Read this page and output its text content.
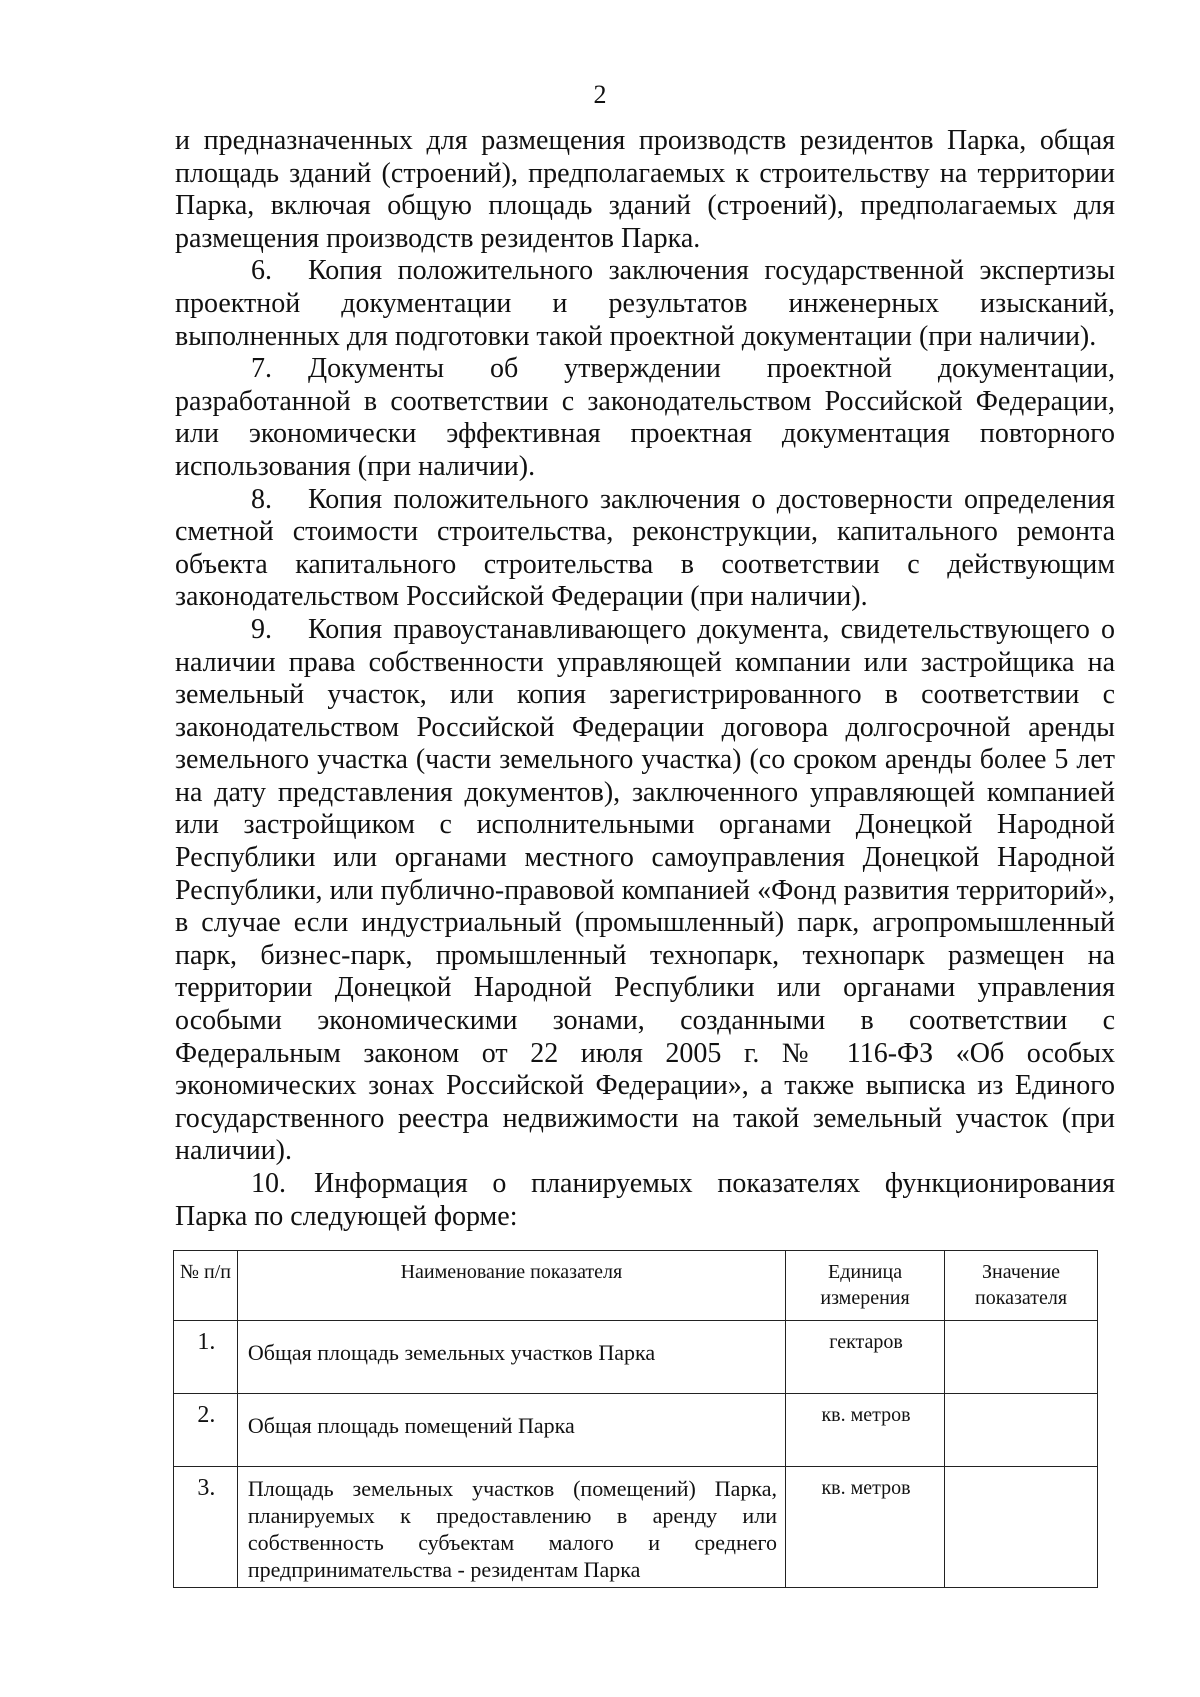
2

и предназначенных для размещения производств резидентов Парка, общая площадь зданий (строений), предполагаемых к строительству на территории Парка, включая общую площадь зданий (строений), предполагаемых для размещения производств резидентов Парка.

6. Копия положительного заключения государственной экспертизы проектной документации и результатов инженерных изысканий, выполненных для подготовки такой проектной документации (при наличии).

7. Документы об утверждении проектной документации, разработанной в соответствии с законодательством Российской Федерации, или экономически эффективная проектная документация повторного использования (при наличии).

8. Копия положительного заключения о достоверности определения сметной стоимости строительства, реконструкции, капитального ремонта объекта капитального строительства в соответствии с действующим законодательством Российской Федерации (при наличии).

9. Копия правоустанавливающего документа, свидетельствующего о наличии права собственности управляющей компании или застройщика на земельный участок, или копия зарегистрированного в соответствии с законодательством Российской Федерации договора долгосрочной аренды земельного участка (части земельного участка) (со сроком аренды более 5 лет на дату представления документов), заключенного управляющей компанией или застройщиком с исполнительными органами Донецкой Народной Республики или органами местного самоуправления Донецкой Народной Республики, или публично-правовой компанией «Фонд развития территорий», в случае если индустриальный (промышленный) парк, агропромышленный парк, бизнес-парк, промышленный технопарк, технопарк размещен на территории Донецкой Народной Республики или органами управления особыми экономическими зонами, созданными в соответствии с Федеральным законом от 22 июля 2005 г. № 116-ФЗ «Об особых экономических зонах Российской Федерации», а также выписка из Единого государственного реестра недвижимости на такой земельный участок (при наличии).

10. Информация о планируемых показателях функционирования Парка по следующей форме:

№ п/п	Наименование показателя	Единица измерения	Значение показателя
1.	Общая площадь земельных участков Парка	гектаров	
2.	Общая площадь помещений Парка	кв. метров	
3.	Площадь земельных участков (помещений) Парка, планируемых к предоставлению в аренду или собственность субъектам малого и среднего предпринимательства - резидентам Парка	кв. метров	
